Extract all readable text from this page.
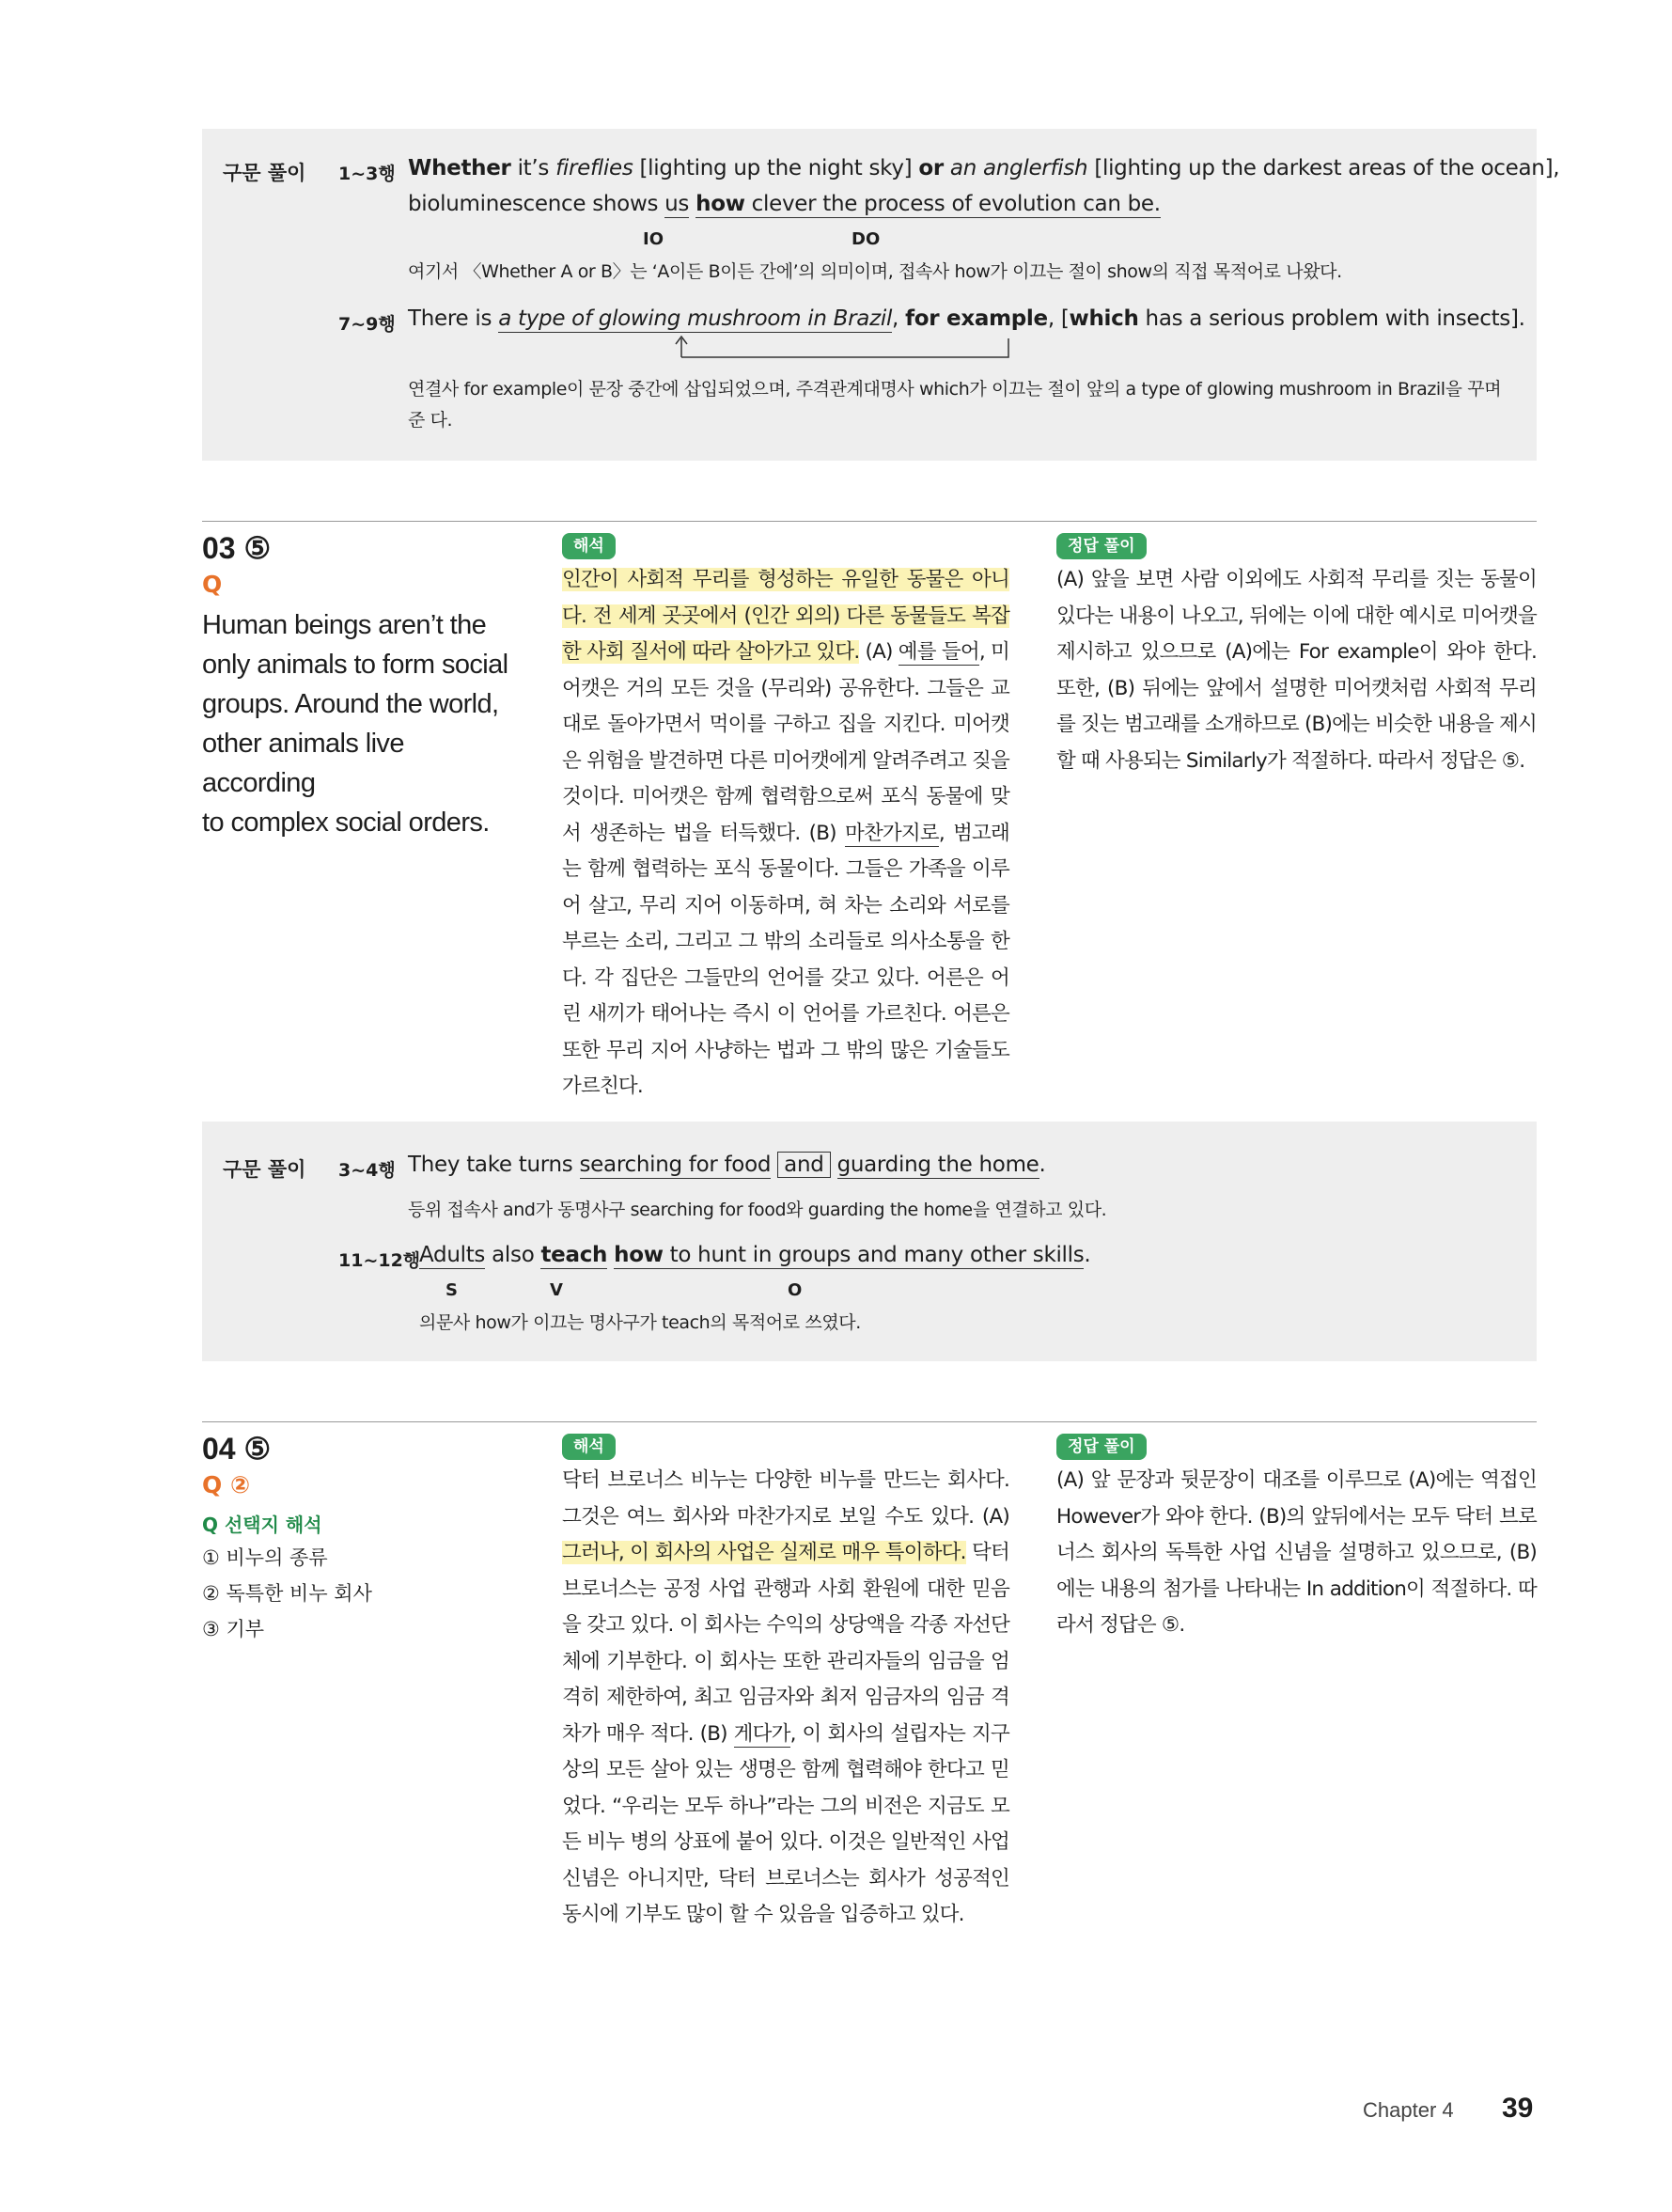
구문 풀이 1~3행 Whether it’s fireflies [lighting up the night sky] or an anglerfish [lighting up the darkest areas of the ocean],
bioluminescence shows us how clever the process of evolution can be.
IO	DO
여기서 〈Whether A or B〉는 ‘A이든 B이든 간에’의 의미이며, 접속사 how가 이끄는 절이 show의 직접 목적어로 나왔다.
7~9행 There is a type of glowing mushroom in Brazil, for example, [which has a serious problem with insects].
연결사 for example이 문장 중간에 삽입되었으며, 주격관계대명사 which가 이끄는 절이 앞의 a type of glowing mushroom in Brazil을 꾸며준 다.
03 ⑤
Q
Human beings aren’t the
only animals to form social
groups. Around the world,
other animals live according
to complex social orders.
해석
인간이 사회적 무리를 형성하는 유일한 동물은 아니다. 전 세계 곳곳에서 (인간 외의) 다른 동물들도 복잡한 사회 질서에 따라 살아가고 있다. (A) 예를 들어, 미어캣은 거의 모든 것을 (무리와) 공유한다. 그들은 교대로 돌아가면서 먹이를 구하고 집을 지킨다. 미어캣은 위험을 발견하면 다른 미어캣에게 알려주려고 짖을 것이다. 미어캣은 함께 협력함으로써 포식 동물에 맞서 생존하는 법을 터득했다. (B) 마찬가지로, 범고래는 함께 협력하는 포식 동물이다. 그들은 가족을 이루어 살고, 무리 지어 이동하며, 혀 차는 소리와 서로를 부르는 소리, 그리고 그 밖의 소리들로 의사소통을 한다. 각 집단은 그들만의 언어를 갖고 있다. 어른은 어린 새끼가 태어나는 즉시 이 언어를 가르친다. 어른은 또한 무리 지어 사냥하는 법과 그 밖의 많은 기술들도 가르친다.
정답 풀이
(A) 앞을 보면 사람 이외에도 사회적 무리를 짓는 동물이 있다는 내용이 나오고, 뒤에는 이에 대한 예시로 미어캣을 제시하고 있으므로 (A)에는 For example이 와야 한다. 또한, (B) 뒤에는 앞에서 설명한 미어캣처럼 사회적 무리를 짓는 범고래를 소개하므로 (B)에는 비슷한 내용을 제시할 때 사용되는 Similarly가 적절하다. 따라서 정답은 ⑤.
구문 풀이 3~4행 They take turns searching for food and guarding the home.
등위 접속사 and가 동명사구 searching for food와 guarding the home을 연결하고 있다.
11~12행
Adults also teach how to hunt in groups and many other skills.
S	V	O
의문사 how가 이끄는 명사구가 teach의 목적어로 쓰였다.
04 ⑤
Q ②
Q 선택지 해석
① 비누의 종류
② 독특한 비누 회사
③ 기부
해석
닥터 브로너스 비누는 다양한 비누를 만드는 회사다. 그것은 여느 회사와 마찬가지로 보일 수도 있다. (A) 그러나, 이 회사의 사업은 실제로 매우 특이하다. 닥터 브로너스는 공정 사업 관행과 사회 환원에 대한 믿음을 갖고 있다. 이 회사는 수익의 상당액을 각종 자선단체에 기부한다. 이 회사는 또한 관리자들의 임금을 엄격히 제한하여, 최고 임금자와 최저 임금자의 임금 격차가 매우 적다. (B) 게다가, 이 회사의 설립자는 지구상의 모든 살아 있는 생명은 함께 협력해야 한다고 믿었다. “우리는 모두 하나”라는 그의 비전은 지금도 모든 비누 병의 상표에 붙어 있다. 이것은 일반적인 사업 신념은 아니지만, 닥터 브로너스는 회사가 성공적인 동시에 기부도 많이 할 수 있음을 입증하고 있다.
정답 풀이
(A) 앞 문장과 뒷문장이 대조를 이루므로 (A)에는 역접인 However가 와야 한다. (B)의 앞뒤에서는 모두 닥터 브로너스 회사의 독특한 사업 신념을 설명하고 있으므로, (B)에는 내용의 첨가를 나타내는 In addition이 적절하다. 따라서 정답은 ⑤.
Chapter 4 39
